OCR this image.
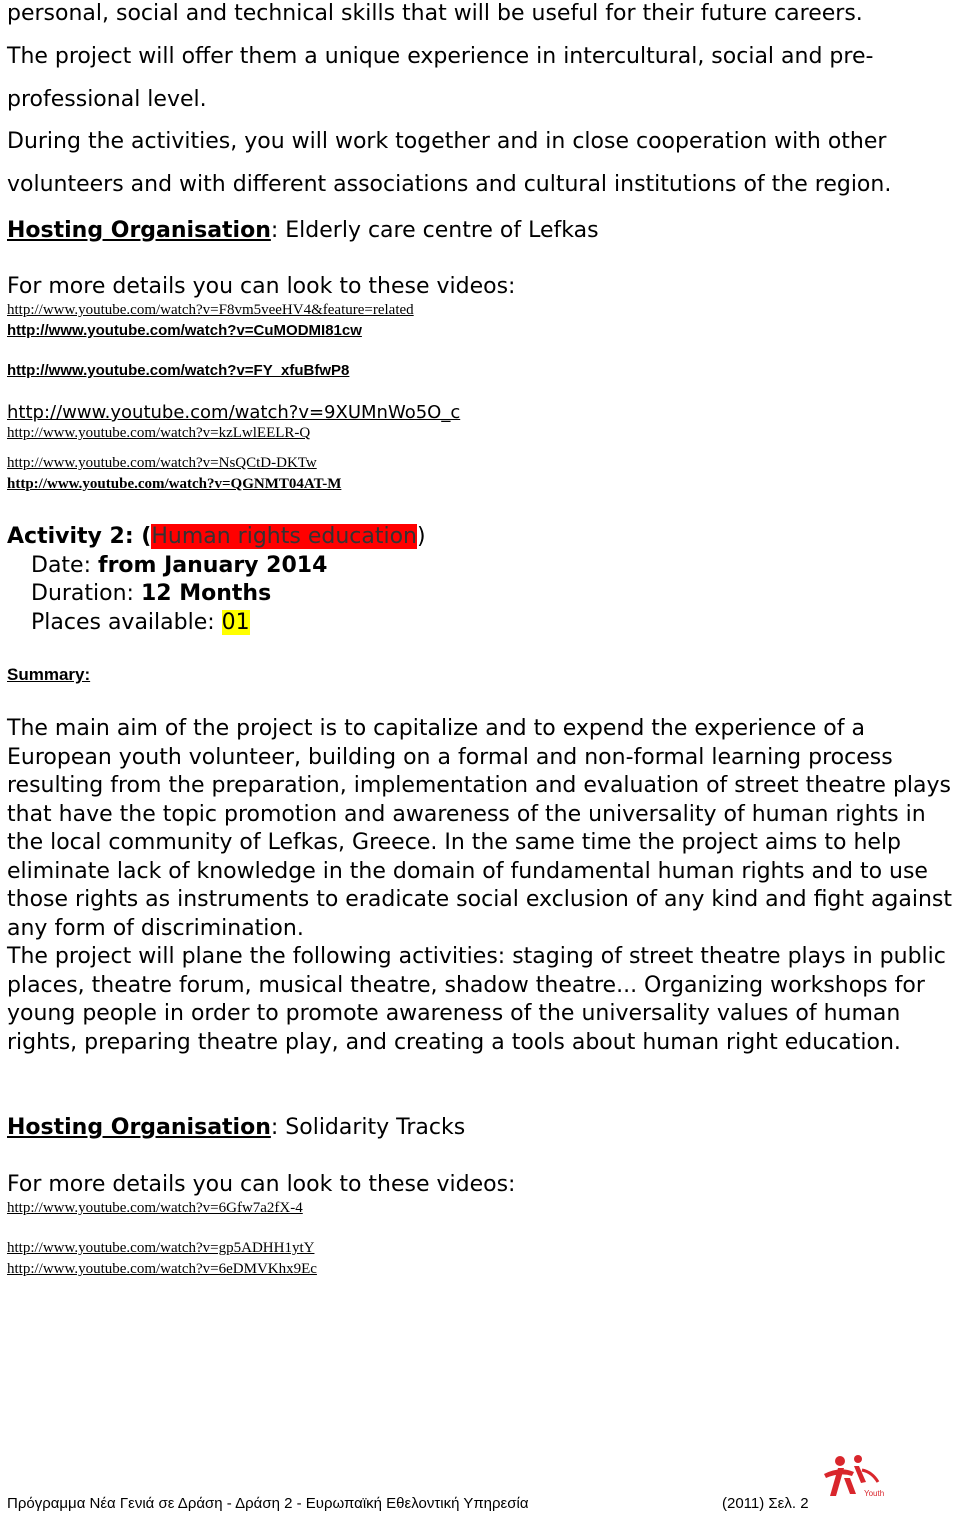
personal, social and technical skills that will be useful for their future careers.
The project will offer them a unique experience in intercultural, social and pre-
professional level.
During the activities, you will work together and in close cooperation with other
volunteers and with different associations and cultural institutions of the region.
Hosting Organisation: Elderly care centre of Lefkas
For more details you can look to these videos:
http://www.youtube.com/watch?v=F8vm5veeHV4&feature=related
http://www.youtube.com/watch?v=CuMODMI81cw
http://www.youtube.com/watch?v=FY_xfuBfwP8
http://www.youtube.com/watch?v=9XUMnWo5O_c
http://www.youtube.com/watch?v=kzLwlEELR-Q
http://www.youtube.com/watch?v=NsQCtD-DKTw
http://www.youtube.com/watch?v=QGNMT04AT-M
Activity 2: (Human rights education)
Date: from January 2014
Duration: 12 Months
Places available: 01
Summary:
The main aim of the project is to capitalize and to expend the experience of a European youth volunteer, building on a formal and non-formal learning process resulting from the preparation, implementation and evaluation of street theatre plays that have the topic promotion and awareness of the universality of human rights in the local community of Lefkas, Greece. In the same time the project aims to help eliminate lack of knowledge in the domain of fundamental human rights and to use those rights as instruments to eradicate social exclusion of any kind and fight against any form of discrimination.
The project will plane the following activities: staging of street theatre plays in public places, theatre forum, musical theatre, shadow theatre... Organizing workshops for young people in order to promote awareness of the universality values of human rights, preparing theatre play, and creating a tools about human right education.
Hosting Organisation: Solidarity Tracks
For more details you can look to these videos:
http://www.youtube.com/watch?v=6Gfw7a2fX-4
http://www.youtube.com/watch?v=gp5ADHH1ytY
http://www.youtube.com/watch?v=6eDMVKhx9Ec
Πρόγραμμα Νέα Γενιά σε Δράση - Δράση 2 - Ευρωπαϊκή Εθελοντική Υπηρεσία	(2011) Σελ. 2
Youth
